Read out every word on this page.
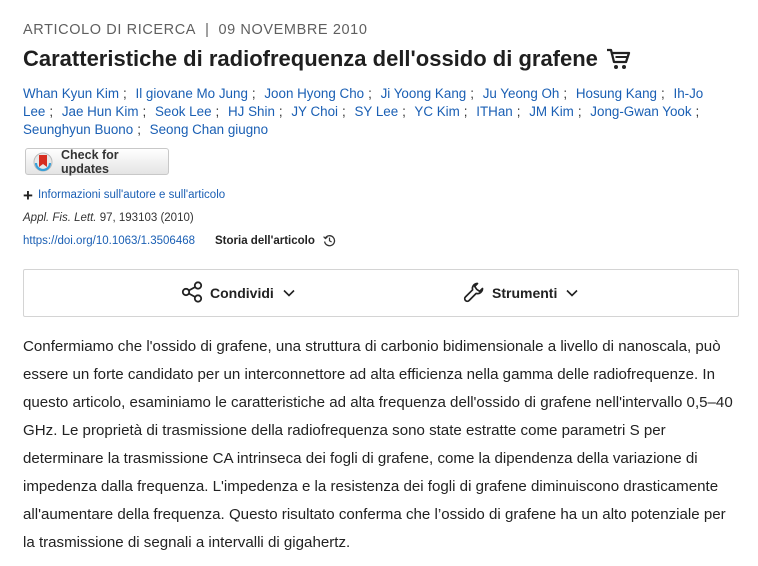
ARTICOLO DI RICERCA | 09 NOVEMBRE 2010
Caratteristiche di radiofrequenza dell'ossido di grafene
Whan Kyun Kim ; Il giovane Mo Jung ; Joon Hyong Cho ; Ji Yoong Kang ; Ju Yeong Oh ; Hosung Kang ; Ih-Jo Lee ; Jae Hun Kim ; Seok Lee ; HJ Shin ; JY Choi ; SY Lee ; YC Kim ; ITHan ; JM Kim ; Jong-Gwan Yook ; Seunghyun Buono ; Seong Chan giugno
Check for updates
+ Informazioni sull'autore e sull'articolo
Appl. Fis. Lett. 97, 193103 (2010)
https://doi.org/10.1063/1.3506468 Storia dell'articolo
Condividi	Strumenti

Confermiamo che l'ossido di grafene, una struttura di carbonio bidimensionale a livello di nanoscala, può essere un forte candidato per un interconnettore ad alta efficienza nella gamma delle radiofrequenze. In questo articolo, esaminiamo le caratteristiche ad alta frequenza dell'ossido di grafene nell'intervallo 0,5–40 GHz. Le proprietà di trasmissione della radiofrequenza sono state estratte come parametri S per determinare la trasmissione CA intrinseca dei fogli di grafene, come la dipendenza della variazione di impedenza dalla frequenza. L'impedenza e la resistenza dei fogli di grafene diminuiscono drasticamente all'aumentare della frequenza. Questo risultato conferma che l’ossido di grafene ha un alto potenziale per la trasmissione di segnali a intervalli di gigahertz.
